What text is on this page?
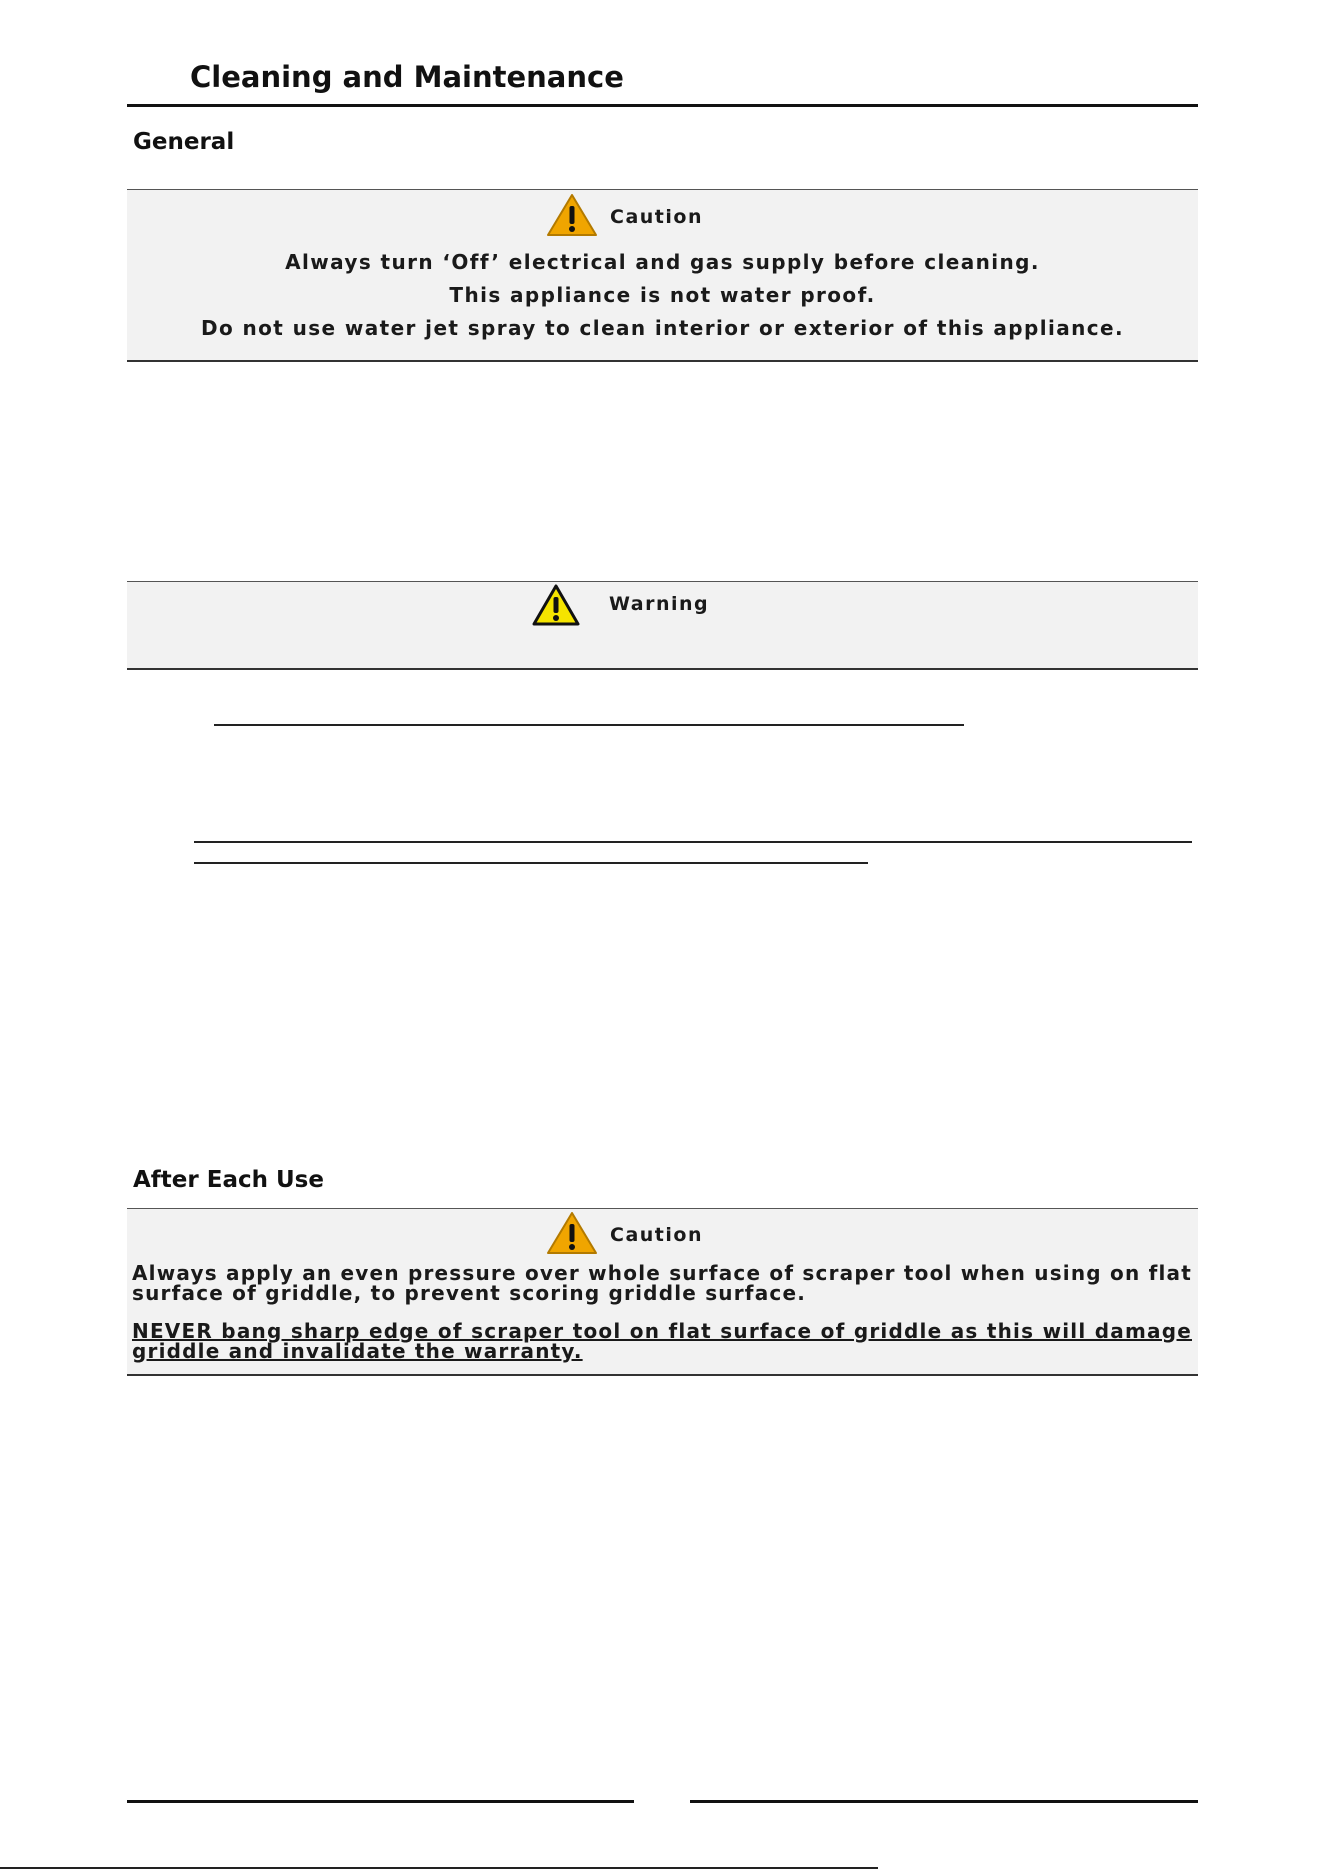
Cleaning and Maintenance
General
Caution
Always turn ‘Off’ electrical and gas supply before cleaning.
This appliance is not water proof.
Do not use water jet spray to clean interior or exterior of this appliance.
Warning
After Each Use
Caution
Always apply an even pressure over whole surface of scraper tool when using on flat surface of griddle, to prevent scoring griddle surface.
NEVER bang sharp edge of scraper tool on flat surface of griddle as this will damage griddle and invalidate the warranty.
